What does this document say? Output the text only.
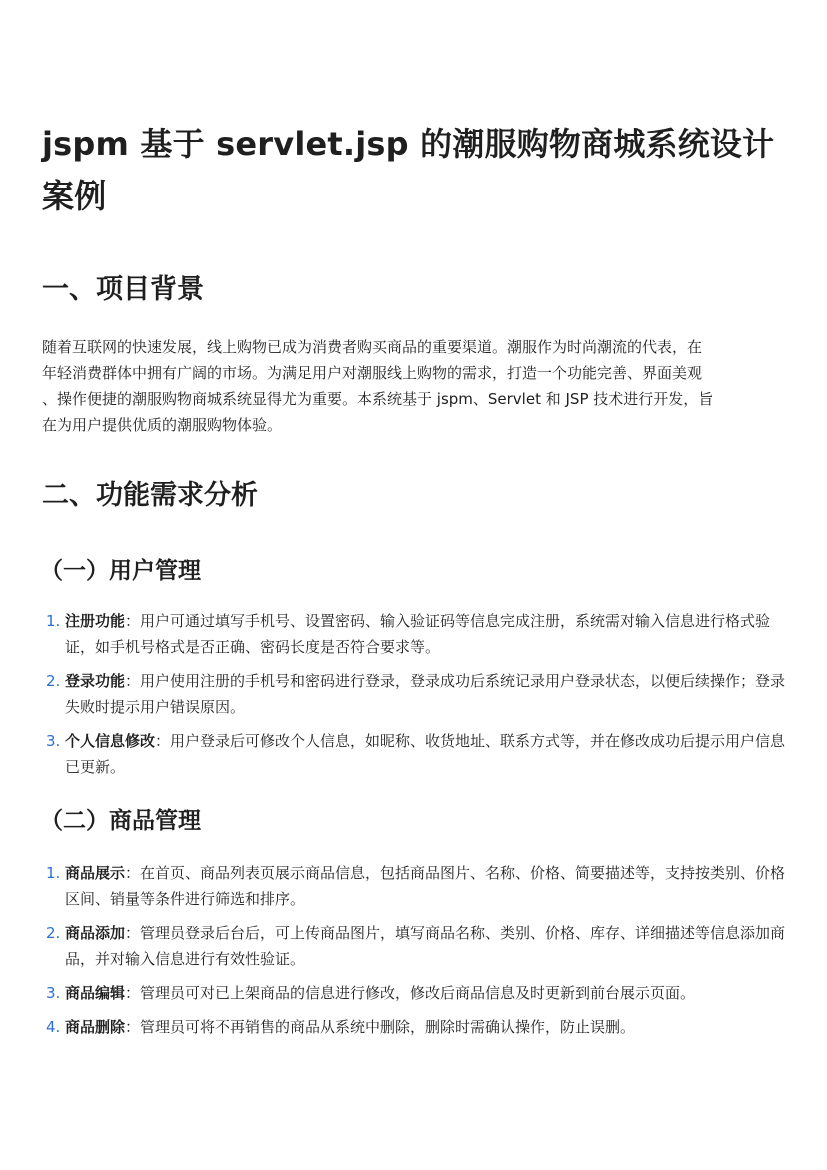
jspm 基于 servlet.jsp 的潮服购物商城系统设计案例
一、项目背景

随着互联网的快速发展，线上购物已成为消费者购买商品的重要渠道。潮服作为时尚潮流的代表，在
年轻消费群体中拥有广阔的市场。为满足用户对潮服线上购物的需求，打造一个功能完善、界面美观
、操作便捷的潮服购物商城系统显得尤为重要。本系统基于 jspm、Servlet 和 JSP 技术进行开发，旨
在为用户提供优质的潮服购物体验。

二、功能需求分析
（一）用户管理
1. 注册功能：用户可通过填写手机号、设置密码、输入验证码等信息完成注册，系统需对输入信息进行格式验证，如手机号格式是否正确、密码长度是否符合要求等。
2. 登录功能：用户使用注册的手机号和密码进行登录，登录成功后系统记录用户登录状态，以便后续操作；登录失败时提示用户错误原因。
3. 个人信息修改：用户登录后可修改个人信息，如昵称、收货地址、联系方式等，并在修改成功后提示用户信息已更新。
（二）商品管理
1. 商品展示：在首页、商品列表页展示商品信息，包括商品图片、名称、价格、简要描述等，支持按类别、价格区间、销量等条件进行筛选和排序。
2. 商品添加：管理员登录后台后，可上传商品图片，填写商品名称、类别、价格、库存、详细描述等信息添加商品，并对输入信息进行有效性验证。
3. 商品编辑：管理员可对已上架商品的信息进行修改，修改后商品信息及时更新到前台展示页面。
4. 商品删除：管理员可将不再销售的商品从系统中删除，删除时需确认操作，防止误删。
